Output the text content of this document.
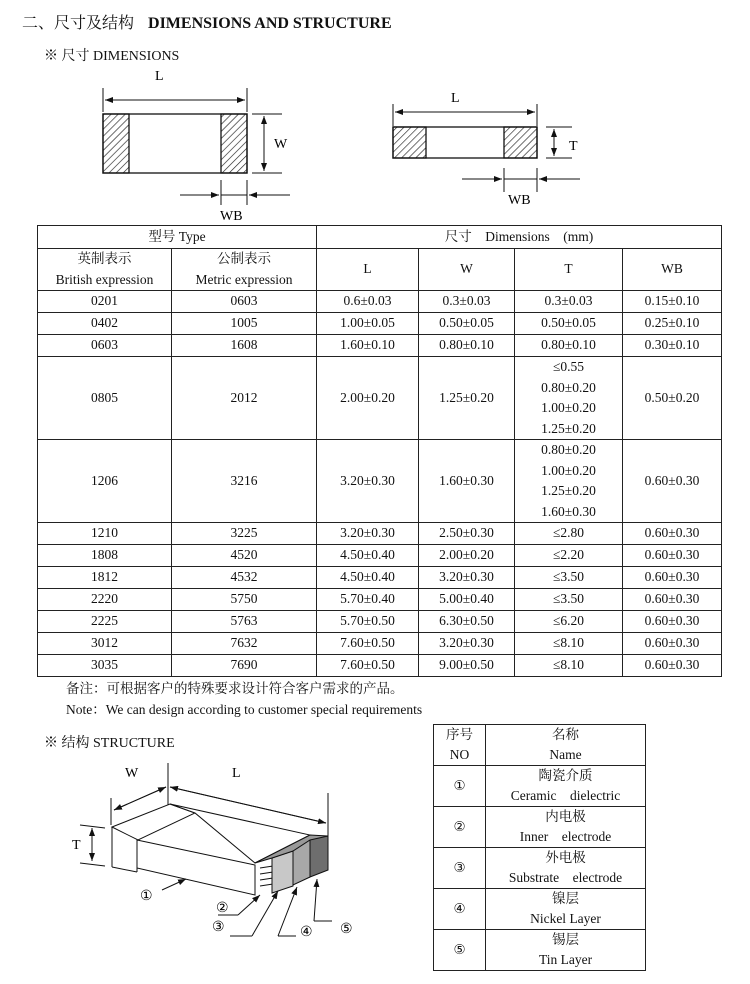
二、尺寸及结构 DIMENSIONS AND STRUCTURE
※ 尺寸 DIMENSIONS
L
W
WB
L
T
WB
型号 Type		尺寸    Dimensions    (mm)			

英制表示
British expression

公制表示
Metric expression
	L	W	T	WB
0201	0603	0.6±0.03	0.3±0.03	0.3±0.03	0.15±0.10
0402	1005	1.00±0.05	0.50±0.05	0.50±0.05	0.25±0.10
0603	1608	1.60±0.10	0.80±0.10	0.80±0.10	0.30±0.10
0805	2012	2.00±0.20	1.25±0.20	≤0.55
0.80±0.20
1.00±0.20
1.25±0.20	0.50±0.20
1206	3216	3.20±0.30	1.60±0.30	0.80±0.20
1.00±0.20
1.25±0.20
1.60±0.30	0.60±0.30
1210	3225	3.20±0.30	2.50±0.30	≤2.80	0.60±0.30
1808	4520	4.50±0.40	2.00±0.20	≤2.20	0.60±0.30
1812	4532	4.50±0.40	3.20±0.30	≤3.50	0.60±0.30
2220	5750	5.70±0.40	5.00±0.40	≤3.50	0.60±0.30
2225	5763	5.70±0.50	6.30±0.50	≤6.20	0.60±0.30
3012	7632	7.60±0.50	3.20±0.30	≤8.10	0.60±0.30
3035	7690	7.60±0.50	9.00±0.50	≤8.10	0.60±0.30
备注：可根据客户的特殊要求设计符合客户需求的产品。
Note：We can design according to customer special requirements
※ 结构 STRUCTURE
W	L
T
①
②
③	④ ⑤
序号
NO

名称
Name

①	陶瓷介质
Ceramic    dielectric

②	内电极
Inner    electrode

③	外电极
Substrate    electrode

④	镍层
Nickel Layer

⑤	锡层
Tin Layer
